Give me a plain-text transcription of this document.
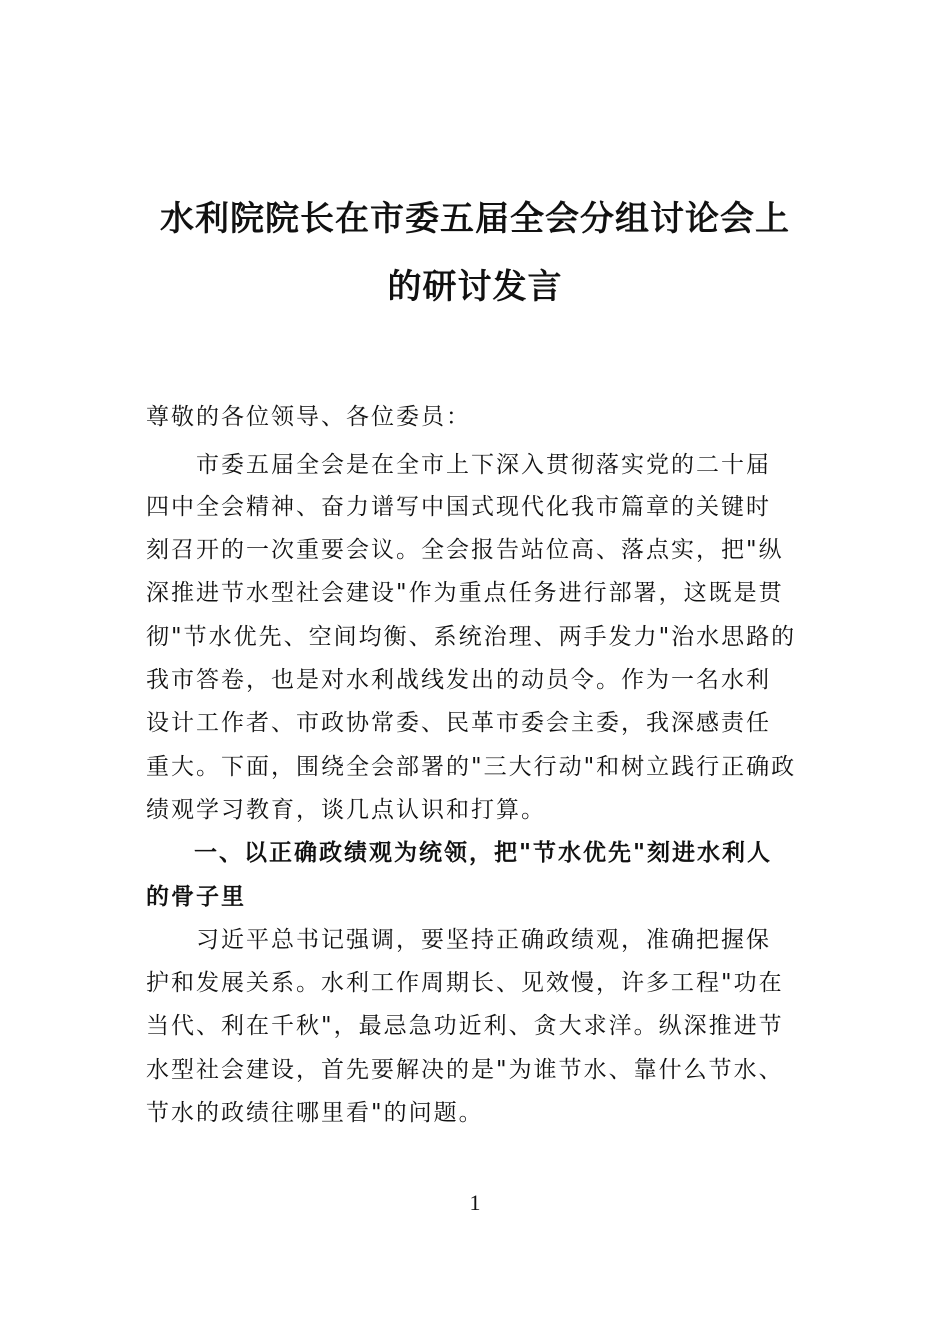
水利院院长在市委五届全会分组讨论会上
的研讨发言
尊敬的各位领导、各位委员：
市委五届全会是在全市上下深入贯彻落实党的二十届
四中全会精神、奋力谱写中国式现代化我市篇章的关键时
刻召开的一次重要会议。全会报告站位高、落点实，把"纵
深推进节水型社会建设"作为重点任务进行部署，这既是贯
彻"节水优先、空间均衡、系统治理、两手发力"治水思路的
我市答卷，也是对水利战线发出的动员令。作为一名水利
设计工作者、市政协常委、民革市委会主委，我深感责任
重大。下面，围绕全会部署的"三大行动"和树立践行正确政
绩观学习教育，谈几点认识和打算。
一、以正确政绩观为统领，把"节水优先"刻进水利人
的骨子里
习近平总书记强调，要坚持正确政绩观，准确把握保
护和发展关系。水利工作周期长、见效慢，许多工程"功在
当代、利在千秋"，最忌急功近利、贪大求洋。纵深推进节
水型社会建设，首先要解决的是"为谁节水、靠什么节水、
节水的政绩往哪里看"的问题。
1
